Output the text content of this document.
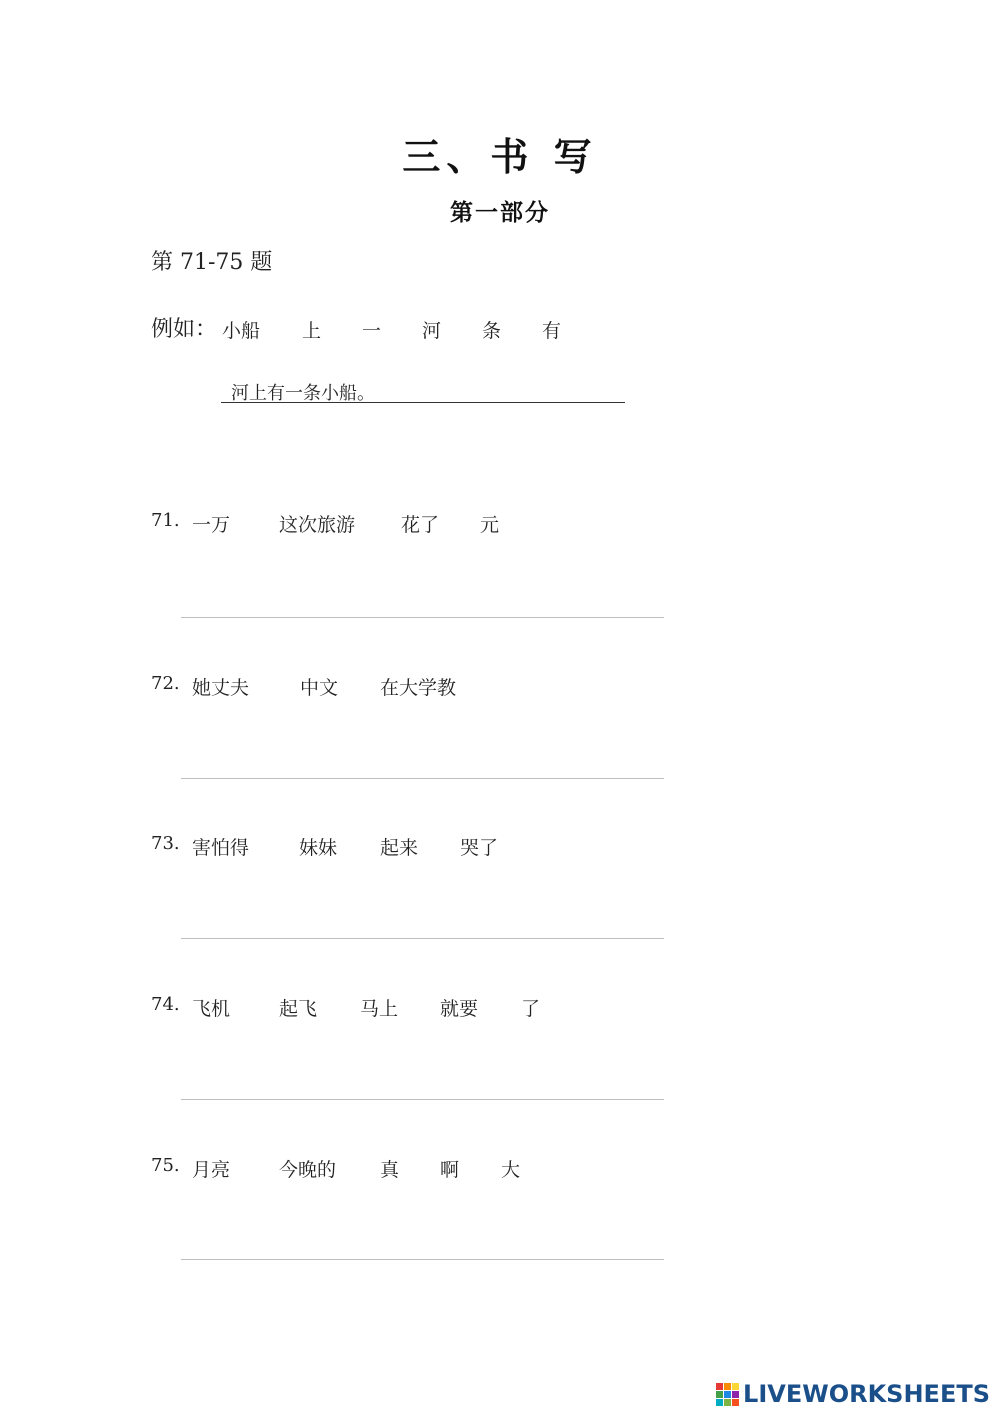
三、书 写
第一部分
第 71-75 题
例如： 小船 上 一 河 条 有
河上有一条小船。
71. 一万	这次旅游 花了 元
72. 她丈夫	中文 在大学教
73. 害怕得	妹妹 起来 哭了
74. 飞机	起飞 马上 就要 了
75. 月亮	今晚的 真 啊 大
LIVEWORKSHEETS
